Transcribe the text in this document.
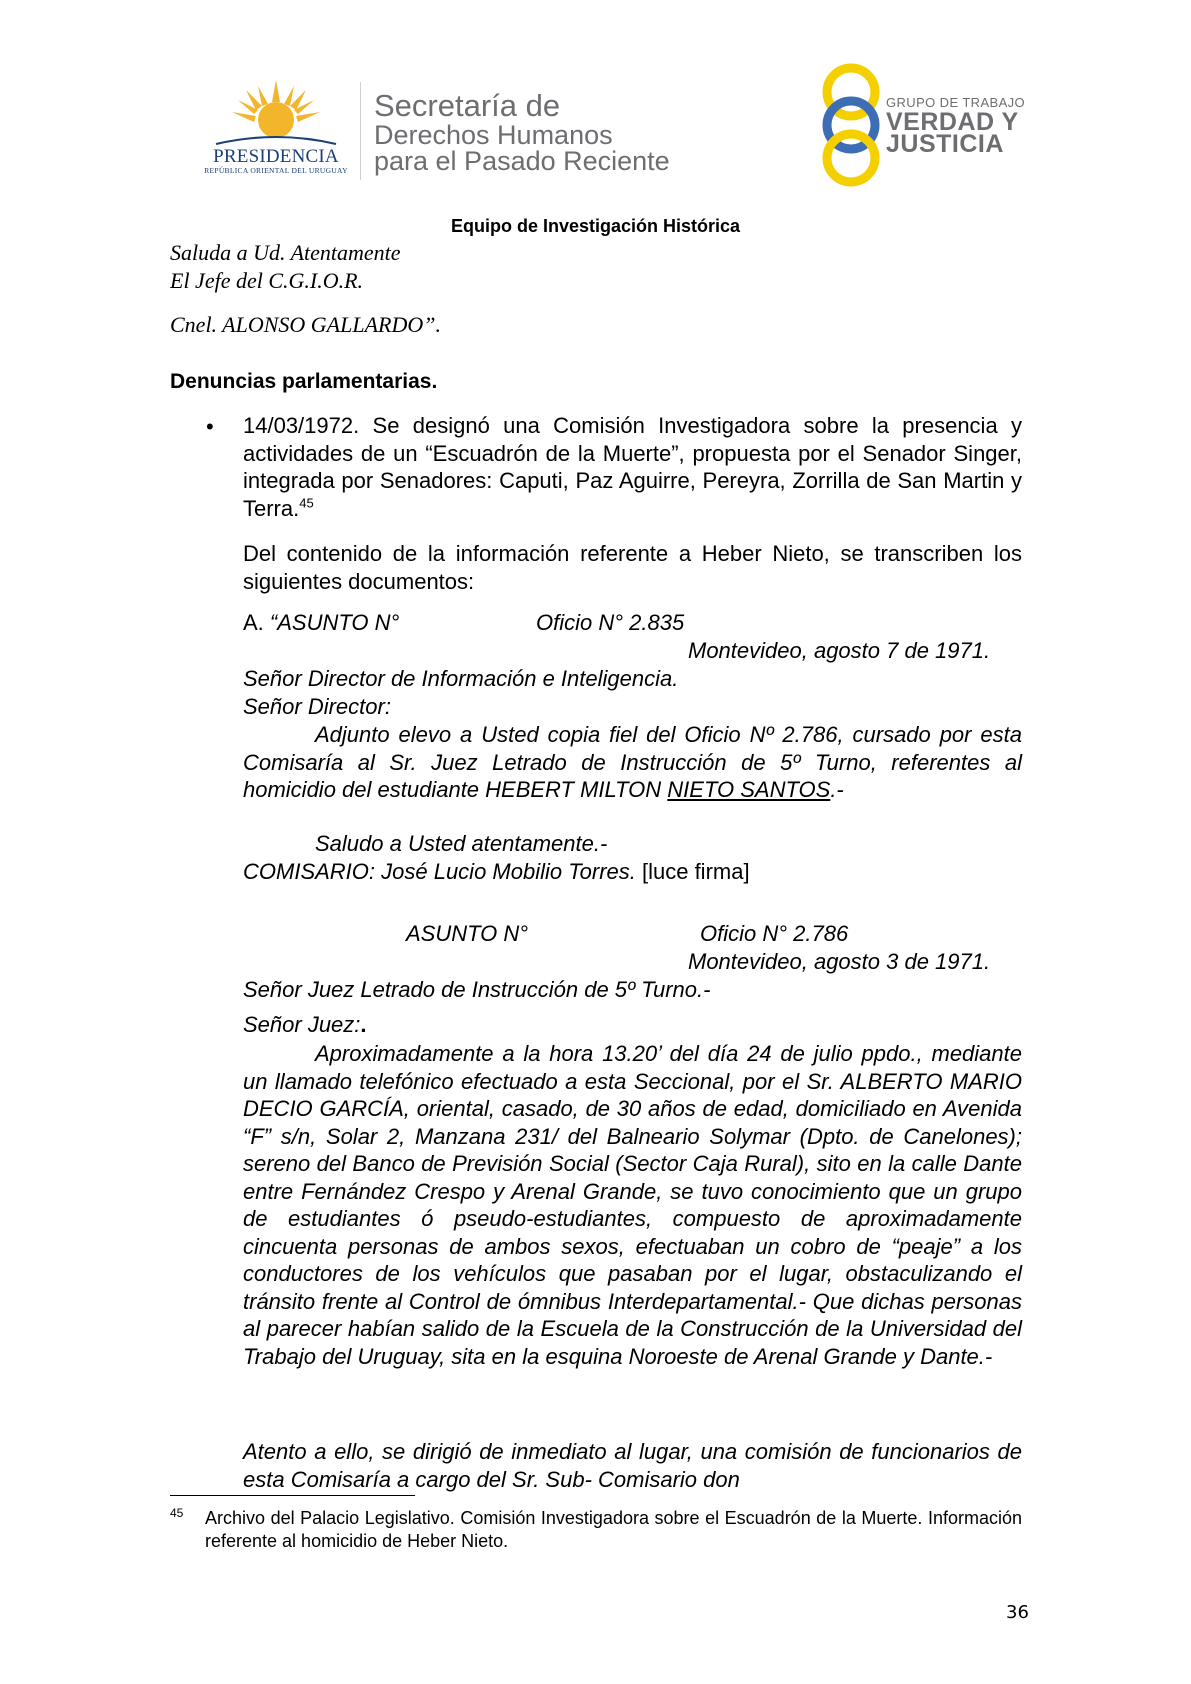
PRESIDENCIA
REPÚBLICA ORIENTAL DEL URUGUAY
Secretaría de
Derechos Humanos
para el Pasado Reciente
GRUPO DE TRABAJO
VERDAD Y
JUSTICIA
Equipo de Investigación Histórica
Saluda a Ud. Atentamente
El Jefe del C.G.I.O.R.
Cnel. ALONSO GALLARDO”.
Denuncias parlamentarias.
• 14/03/1972. Se designó una Comisión Investigadora sobre la presencia y actividades de un “Escuadrón de la Muerte”, propuesta por el Senador Singer, integrada por Senadores: Caputi, Paz Aguirre, Pereyra, Zorrilla de San Martin y Terra.$^{45}$
Del contenido de la información referente a Heber Nieto, se transcriben los siguientes documentos:
A. “ASUNTO N°	Oficio N° 2.835
Montevideo, agosto 7 de 1971.
Señor Director de Información e Inteligencia.
Señor Director:
Adjunto elevo a Usted copia fiel del Oficio Nº 2.786, cursado por esta Comisaría al Sr. Juez Letrado de Instrucción de 5º Turno, referentes al homicidio del estudiante HEBERT MILTON NIETO SANTOS.-
Saludo a Usted atentamente.-
COMISARIO: José Lucio Mobilio Torres. [luce firma]
ASUNTO N°	Oficio N° 2.786
Montevideo, agosto 3 de 1971.
Señor Juez Letrado de Instrucción de 5º Turno.-
Señor Juez:.
Aproximadamente a la hora 13.20’ del día 24 de julio ppdo., mediante un llamado telefónico efectuado a esta Seccional, por el Sr. ALBERTO MARIO DECIO GARCÍA, oriental, casado, de 30 años de edad, domiciliado en Avenida “F” s/n, Solar 2, Manzana 231/ del Balneario Solymar (Dpto. de Canelones); sereno del Banco de Previsión Social (Sector Caja Rural), sito en la calle Dante entre Fernández Crespo y Arenal Grande, se tuvo conocimiento que un grupo de estudiantes ó pseudo-estudiantes, compuesto de aproximadamente cincuenta personas de ambos sexos, efectuaban un cobro de “peaje” a los conductores de los vehículos que pasaban por el lugar, obstaculizando el tránsito frente al Control de ómnibus Interdepartamental.- Que dichas personas al parecer habían salido de la Escuela de la Construcción de la Universidad del Trabajo del Uruguay, sita en la esquina Noroeste de Arenal Grande y Dante.-
Atento a ello, se dirigió de inmediato al lugar, una comisión de funcionarios de esta Comisaría a cargo del Sr. Sub- Comisario don
45 Archivo del Palacio Legislativo. Comisión Investigadora sobre el Escuadrón de la Muerte. Información referente al homicidio de Heber Nieto.
36
